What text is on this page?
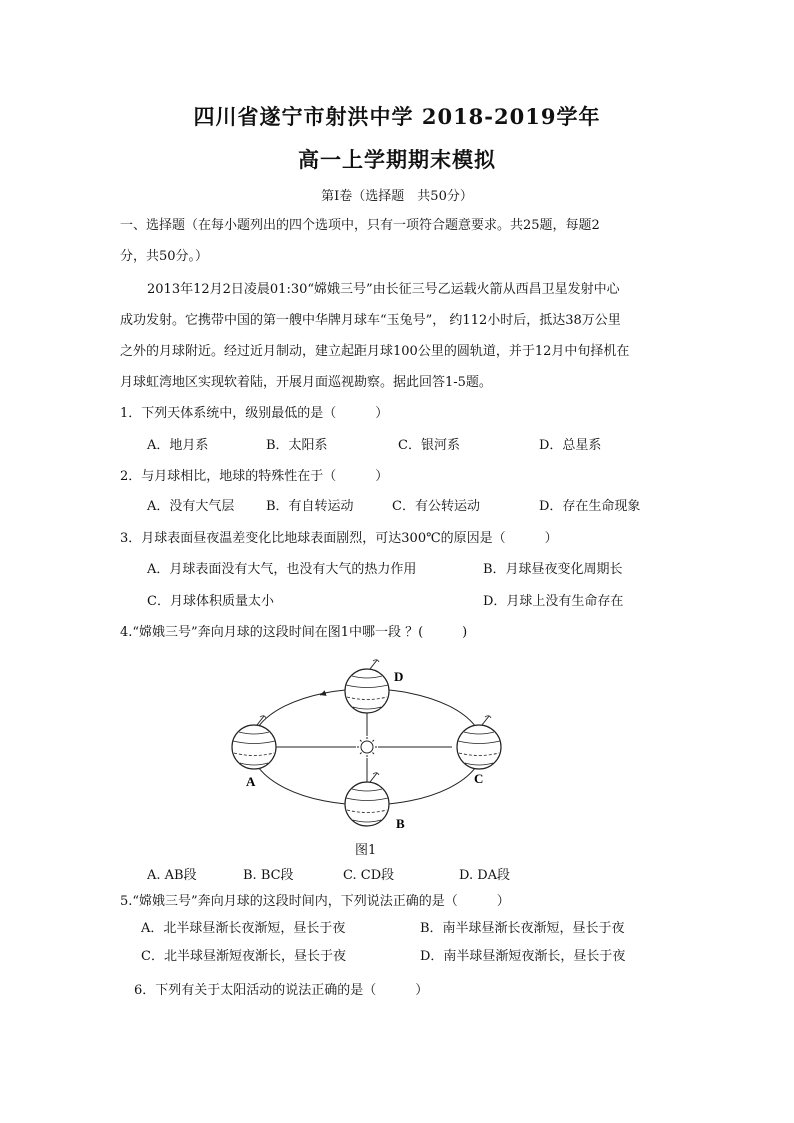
四川省遂宁市射洪中学 2018-2019学年
高一上学期期末模拟
第Ⅰ卷（选择题　共50分）
一、选择题（在每小题列出的四个选项中，只有一项符合题意要求。共25题，每题2
分，共50分。）
2013年12月2日凌晨01:30“嫦娥三号”由长征三号乙运载火箭从西昌卫星发射中心
成功发射。它携带中国的第一艘中华牌月球车“玉兔号”， 约112小时后，抵达38万公里
之外的月球附近。经过近月制动，建立起距月球100公里的圆轨道，并于12月中旬择机在
月球虹湾地区实现软着陆，开展月面巡视勘察。据此回答1-5题。
1．下列天体系统中，级别最低的是（　　　）
A．地月系	B．太阳系	C．银河系	D．总星系
2．与月球相比，地球的特殊性在于（　　　）
A．没有大气层 B．有自转运动	C．有公转运动	D．存在生命现象
3．月球表面昼夜温差变化比地球表面剧烈，可达300℃的原因是（　　　）
A．月球表面没有大气，也没有大气的热力作用	B．月球昼夜变化周期长
C．月球体积质量太小	D．月球上没有生命存在
4.“嫦娥三号”奔向月球的这段时间在图1中哪一段 ？(　　　)
A	C
D
B
图1
A. AB段	B. BC段	C. CD段	D. DA段
5.“嫦娥三号”奔向月球的这段时间内，下列说法正确的是（　　　）
A．北半球昼渐长夜渐短，昼长于夜	B．南半球昼渐长夜渐短，昼长于夜
C．北半球昼渐短夜渐长，昼长于夜	D．南半球昼渐短夜渐长，昼长于夜
6．下列有关于太阳活动的说法正确的是（　　　）
